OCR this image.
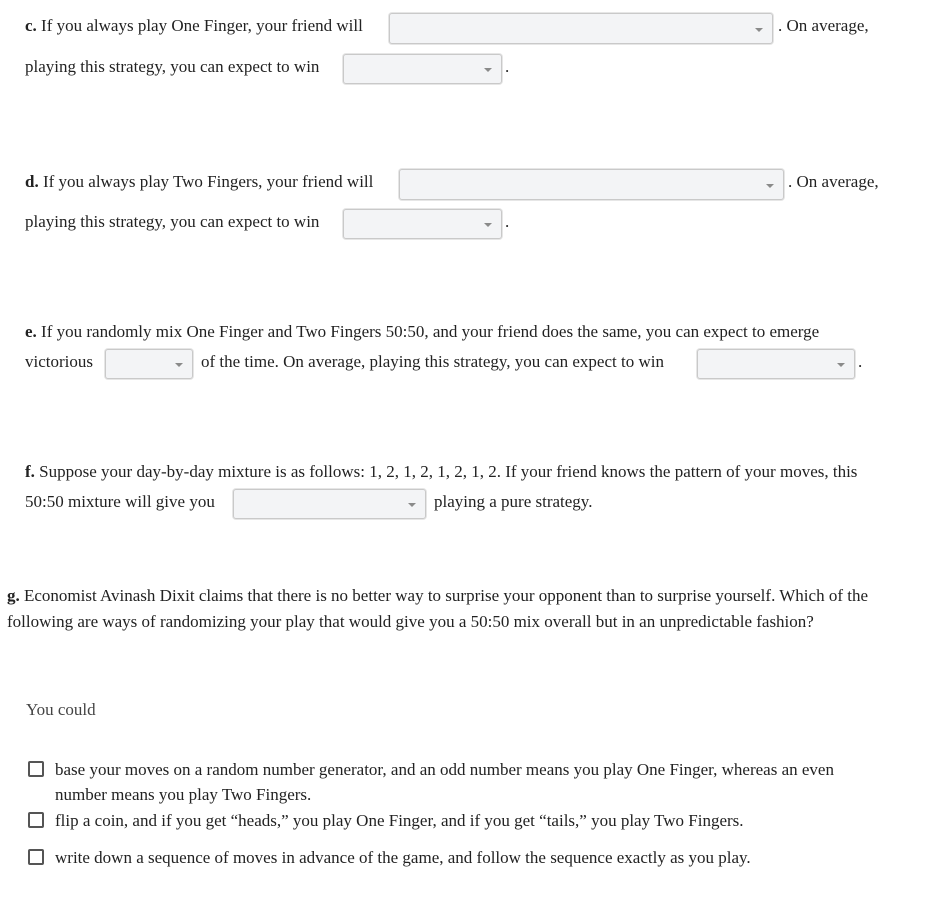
c. If you always play One Finger, your friend will	. On average,
playing this strategy, you can expect to win	.
d. If you always play Two Fingers, your friend will	. On average,
playing this strategy, you can expect to win	.
e. If you randomly mix One Finger and Two Fingers 50:50, and your friend does the same, you can expect to emerge
victorious	of the time. On average, playing this strategy, you can expect to win	.
f. Suppose your day-by-day mixture is as follows: 1, 2, 1, 2, 1, 2, 1, 2. If your friend knows the pattern of your moves, this
50:50 mixture will give you	playing a pure strategy.
g. Economist Avinash Dixit claims that there is no better way to surprise your opponent than to surprise yourself. Which of the
following are ways of randomizing your play that would give you a 50:50 mix overall but in an unpredictable fashion?
You could
base your moves on a random number generator, and an odd number means you play One Finger, whereas an even
number means you play Two Fingers.
flip a coin, and if you get “heads,” you play One Finger, and if you get “tails,” you play Two Fingers.
write down a sequence of moves in advance of the game, and follow the sequence exactly as you play.
